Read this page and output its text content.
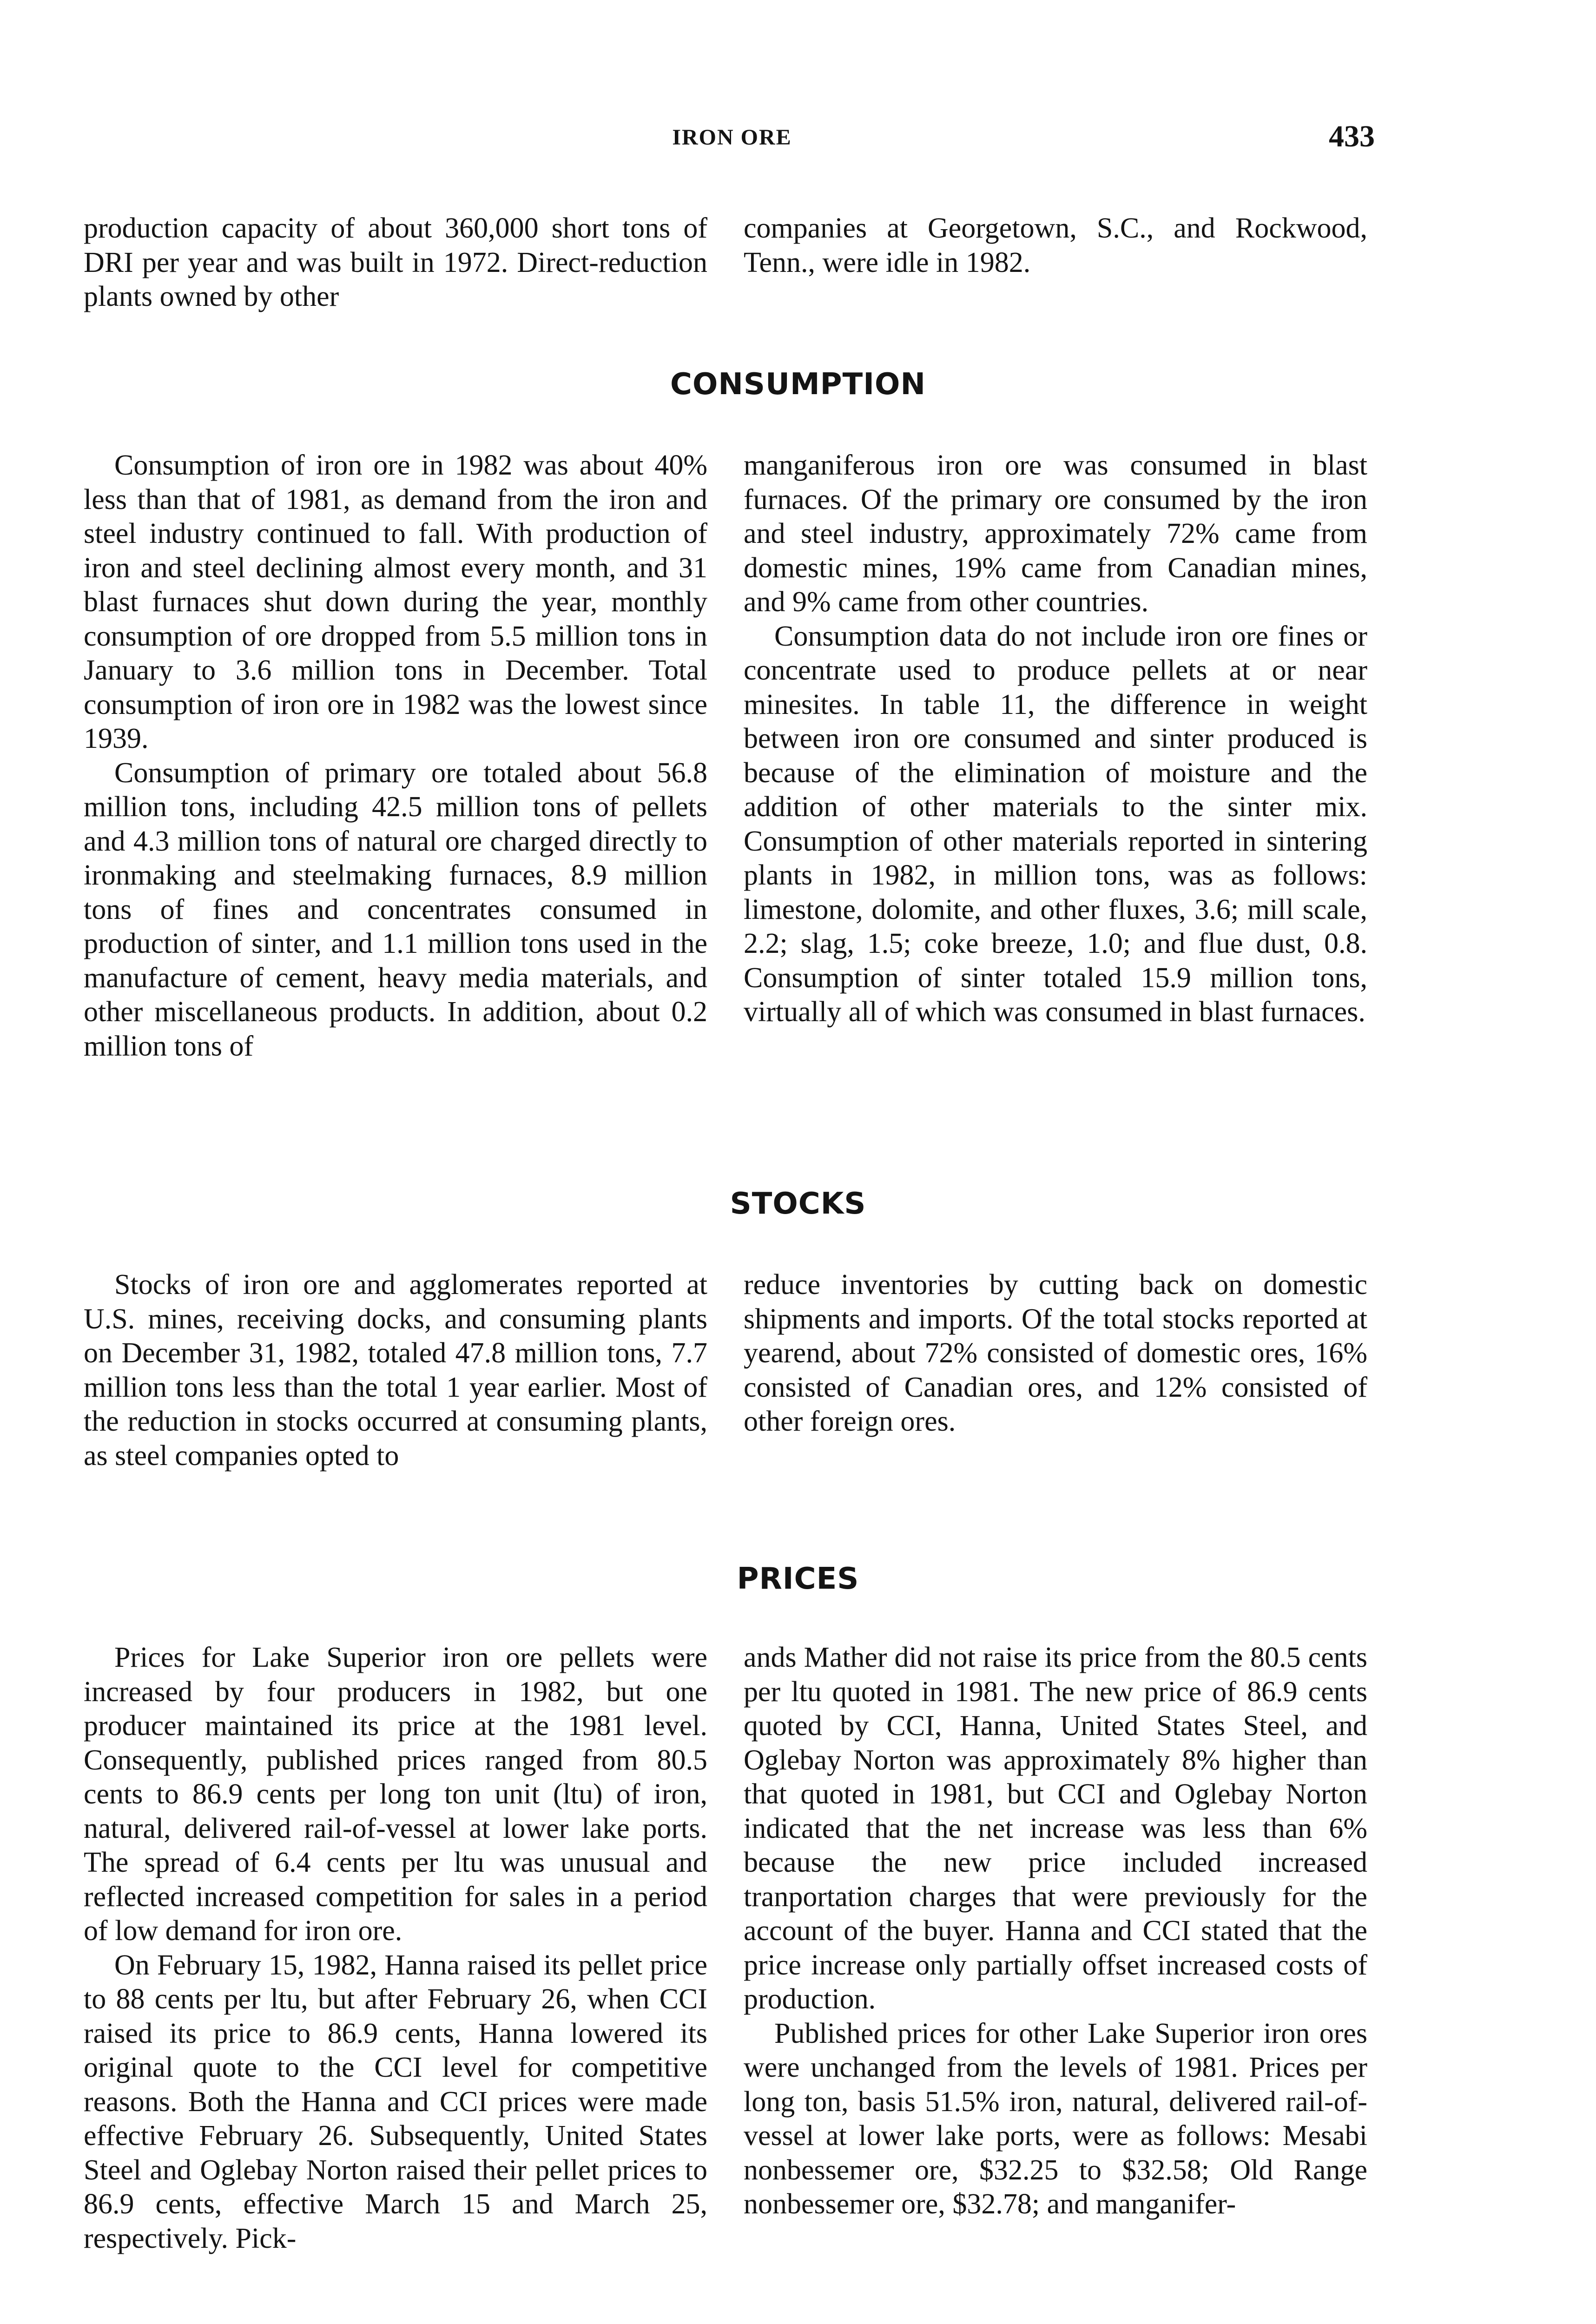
IRON ORE	433

production capacity of about 360,000 short tons of DRI per year and was built in 1972. Direct-reduction plants owned by other

companies at Georgetown, S.C., and Rockwood, Tenn., were idle in 1982.

CONSUMPTION

Consumption of iron ore in 1982 was about 40% less than that of 1981, as demand from the iron and steel industry continued to fall. With production of iron and steel declining almost every month, and 31 blast furnaces shut down during the year, monthly consumption of ore dropped from 5.5 million tons in January to 3.6 million tons in December. Total consumption of iron ore in 1982 was the lowest since 1939.

Consumption of primary ore totaled about 56.8 million tons, including 42.5 million tons of pellets and 4.3 million tons of natural ore charged directly to ironmaking and steelmaking furnaces, 8.9 million tons of fines and concentrates consumed in production of sinter, and 1.1 million tons used in the manufacture of cement, heavy media materials, and other miscellaneous products. In addition, about 0.2 million tons of

manganiferous iron ore was consumed in blast furnaces. Of the primary ore consumed by the iron and steel industry, approximately 72% came from domestic mines, 19% came from Canadian mines, and 9% came from other countries.

Consumption data do not include iron ore fines or concentrate used to produce pellets at or near minesites. In table 11, the difference in weight between iron ore consumed and sinter produced is because of the elimination of moisture and the addition of other materials to the sinter mix. Consumption of other materials reported in sintering plants in 1982, in million tons, was as follows: limestone, dolomite, and other fluxes, 3.6; mill scale, 2.2; slag, 1.5; coke breeze, 1.0; and flue dust, 0.8. Consumption of sinter totaled 15.9 million tons, virtually all of which was consumed in blast furnaces.

STOCKS

Stocks of iron ore and agglomerates reported at U.S. mines, receiving docks, and consuming plants on December 31, 1982, totaled 47.8 million tons, 7.7 million tons less than the total 1 year earlier. Most of the reduction in stocks occurred at consuming plants, as steel companies opted to

reduce inventories by cutting back on domestic shipments and imports. Of the total stocks reported at yearend, about 72% consisted of domestic ores, 16% consisted of Canadian ores, and 12% consisted of other foreign ores.

PRICES

Prices for Lake Superior iron ore pellets were increased by four producers in 1982, but one producer maintained its price at the 1981 level. Consequently, published prices ranged from 80.5 cents to 86.9 cents per long ton unit (ltu) of iron, natural, delivered rail-of-vessel at lower lake ports. The spread of 6.4 cents per ltu was unusual and reflected increased competition for sales in a period of low demand for iron ore.

On February 15, 1982, Hanna raised its pellet price to 88 cents per ltu, but after February 26, when CCI raised its price to 86.9 cents, Hanna lowered its original quote to the CCI level for competitive reasons. Both the Hanna and CCI prices were made effective February 26. Subsequently, United States Steel and Oglebay Norton raised their pellet prices to 86.9 cents, effective March 15 and March 25, respectively. Pick-

ands Mather did not raise its price from the 80.5 cents per ltu quoted in 1981. The new price of 86.9 cents quoted by CCI, Hanna, United States Steel, and Oglebay Norton was approximately 8% higher than that quoted in 1981, but CCI and Oglebay Norton indicated that the net increase was less than 6% because the new price included increased tranportation charges that were previously for the account of the buyer. Hanna and CCI stated that the price increase only partially offset increased costs of production.

Published prices for other Lake Superior iron ores were unchanged from the levels of 1981. Prices per long ton, basis 51.5% iron, natural, delivered rail-of-vessel at lower lake ports, were as follows: Mesabi nonbessemer ore, $32.25 to $32.58; Old Range nonbessemer ore, $32.78; and manganifer-
